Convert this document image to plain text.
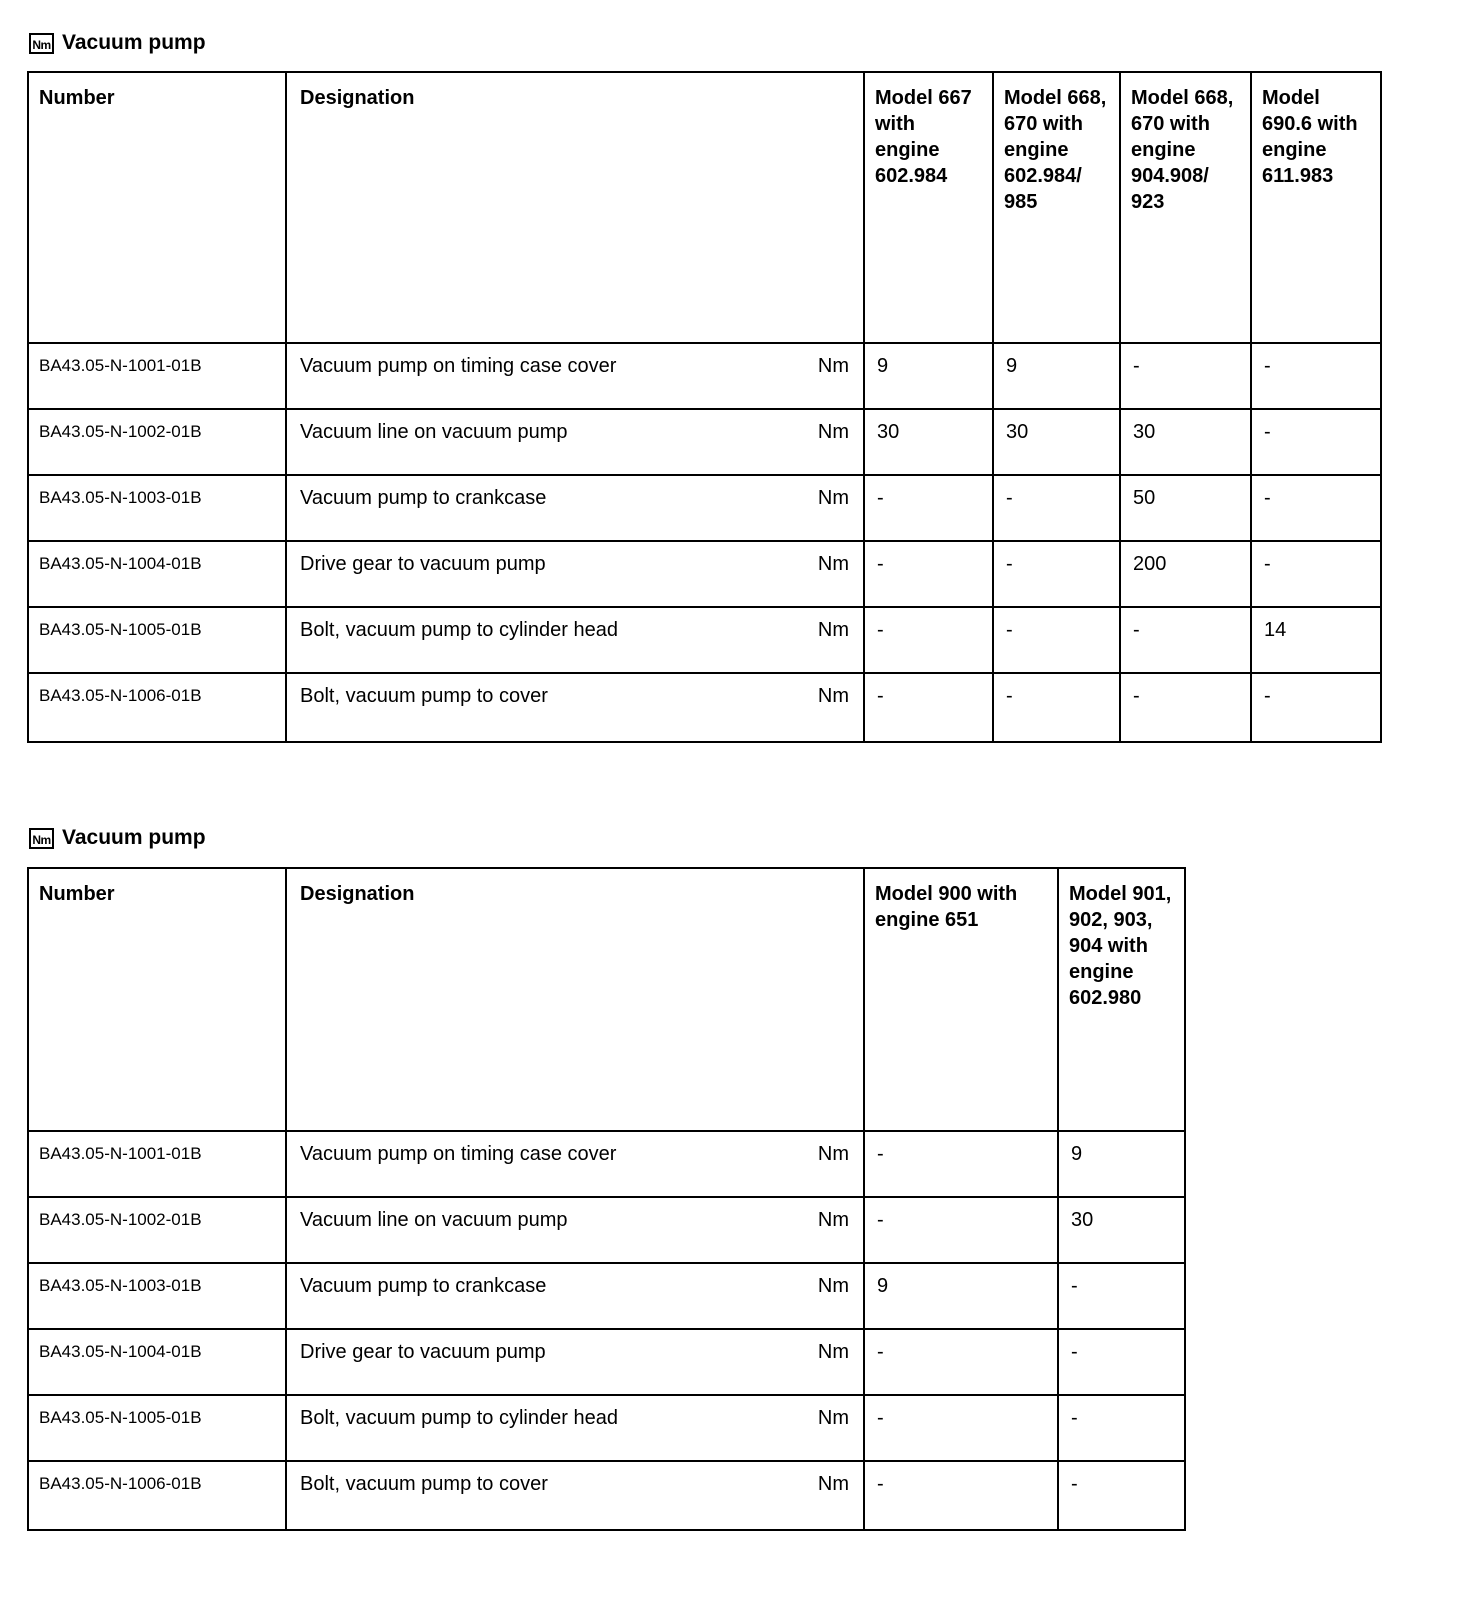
Nm Vacuum pump
Number	Designation	Model 667 with engine 602.984	Model 668, 670 with engine 602.984/ 985	Model 668, 670 with engine 904.908/ 923	Model 690.6 with engine 611.983

BA43.05-N-1001-01B	Vacuum pump on timing case cover Nm	9	9	-	-

BA43.05-N-1002-01B	Vacuum line on vacuum pump Nm	30	30	30	-

BA43.05-N-1003-01B	Vacuum pump to crankcase Nm	-	-	50	-

BA43.05-N-1004-01B	Drive gear to vacuum pump Nm	-	-	200	-

BA43.05-N-1005-01B	Bolt, vacuum pump to cylinder head Nm	-	-	-	14

BA43.05-N-1006-01B	Bolt, vacuum pump to cover Nm	-	-	-	-
Nm Vacuum pump
Number	Designation	Model 900 with engine 651	Model 901, 902, 903, 904 with engine 602.980

BA43.05-N-1001-01B	Vacuum pump on timing case cover Nm	-	9

BA43.05-N-1002-01B	Vacuum line on vacuum pump Nm	-	30

BA43.05-N-1003-01B	Vacuum pump to crankcase Nm	9	-

BA43.05-N-1004-01B	Drive gear to vacuum pump Nm	-	-

BA43.05-N-1005-01B	Bolt, vacuum pump to cylinder head Nm	-	-

BA43.05-N-1006-01B	Bolt, vacuum pump to cover Nm	-	-
